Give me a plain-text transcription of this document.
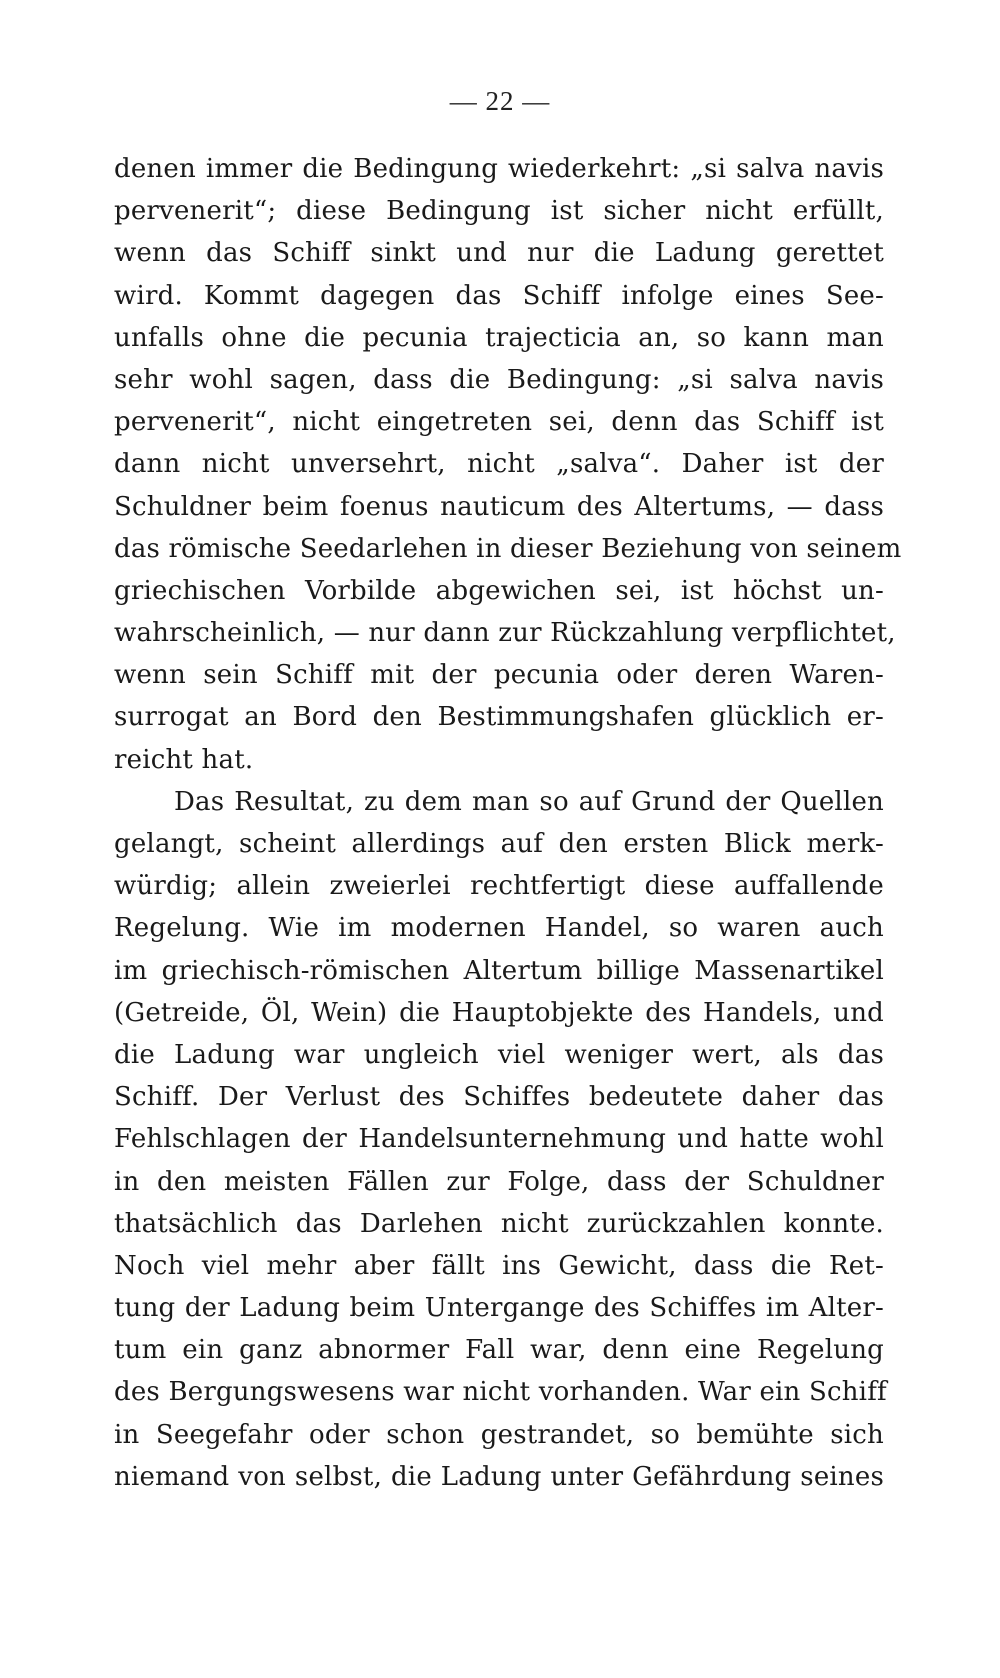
— 22 —
denen immer die Bedingung wiederkehrt: „si salva navis
pervenerit“; diese Bedingung ist sicher nicht erfüllt,
wenn das Schiff sinkt und nur die Ladung gerettet
wird. Kommt dagegen das Schiff infolge eines See-
unfalls ohne die pecunia trajecticia an, so kann man
sehr wohl sagen, dass die Bedingung: „si salva navis
pervenerit“, nicht eingetreten sei, denn das Schiff ist
dann nicht unversehrt, nicht „salva“. Daher ist der
Schuldner beim foenus nauticum des Altertums, — dass
das römische Seedarlehen in dieser Beziehung von seinem
griechischen Vorbilde abgewichen sei, ist höchst un-
wahrscheinlich, — nur dann zur Rückzahlung verpflichtet,
wenn sein Schiff mit der pecunia oder deren Waren-
surrogat an Bord den Bestimmungshafen glücklich er-
reicht hat.
Das Resultat, zu dem man so auf Grund der Quellen
gelangt, scheint allerdings auf den ersten Blick merk-
würdig; allein zweierlei rechtfertigt diese auffallende
Regelung. Wie im modernen Handel, so waren auch
im griechisch-römischen Altertum billige Massenartikel
(Getreide, Öl, Wein) die Hauptobjekte des Handels, und
die Ladung war ungleich viel weniger wert, als das
Schiff. Der Verlust des Schiffes bedeutete daher das
Fehlschlagen der Handelsunternehmung und hatte wohl
in den meisten Fällen zur Folge, dass der Schuldner
thatsächlich das Darlehen nicht zurückzahlen konnte.
Noch viel mehr aber fällt ins Gewicht, dass die Ret-
tung der Ladung beim Untergange des Schiffes im Alter-
tum ein ganz abnormer Fall war, denn eine Regelung
des Bergungswesens war nicht vorhanden. War ein Schiff
in Seegefahr oder schon gestrandet, so bemühte sich
niemand von selbst, die Ladung unter Gefährdung seines
